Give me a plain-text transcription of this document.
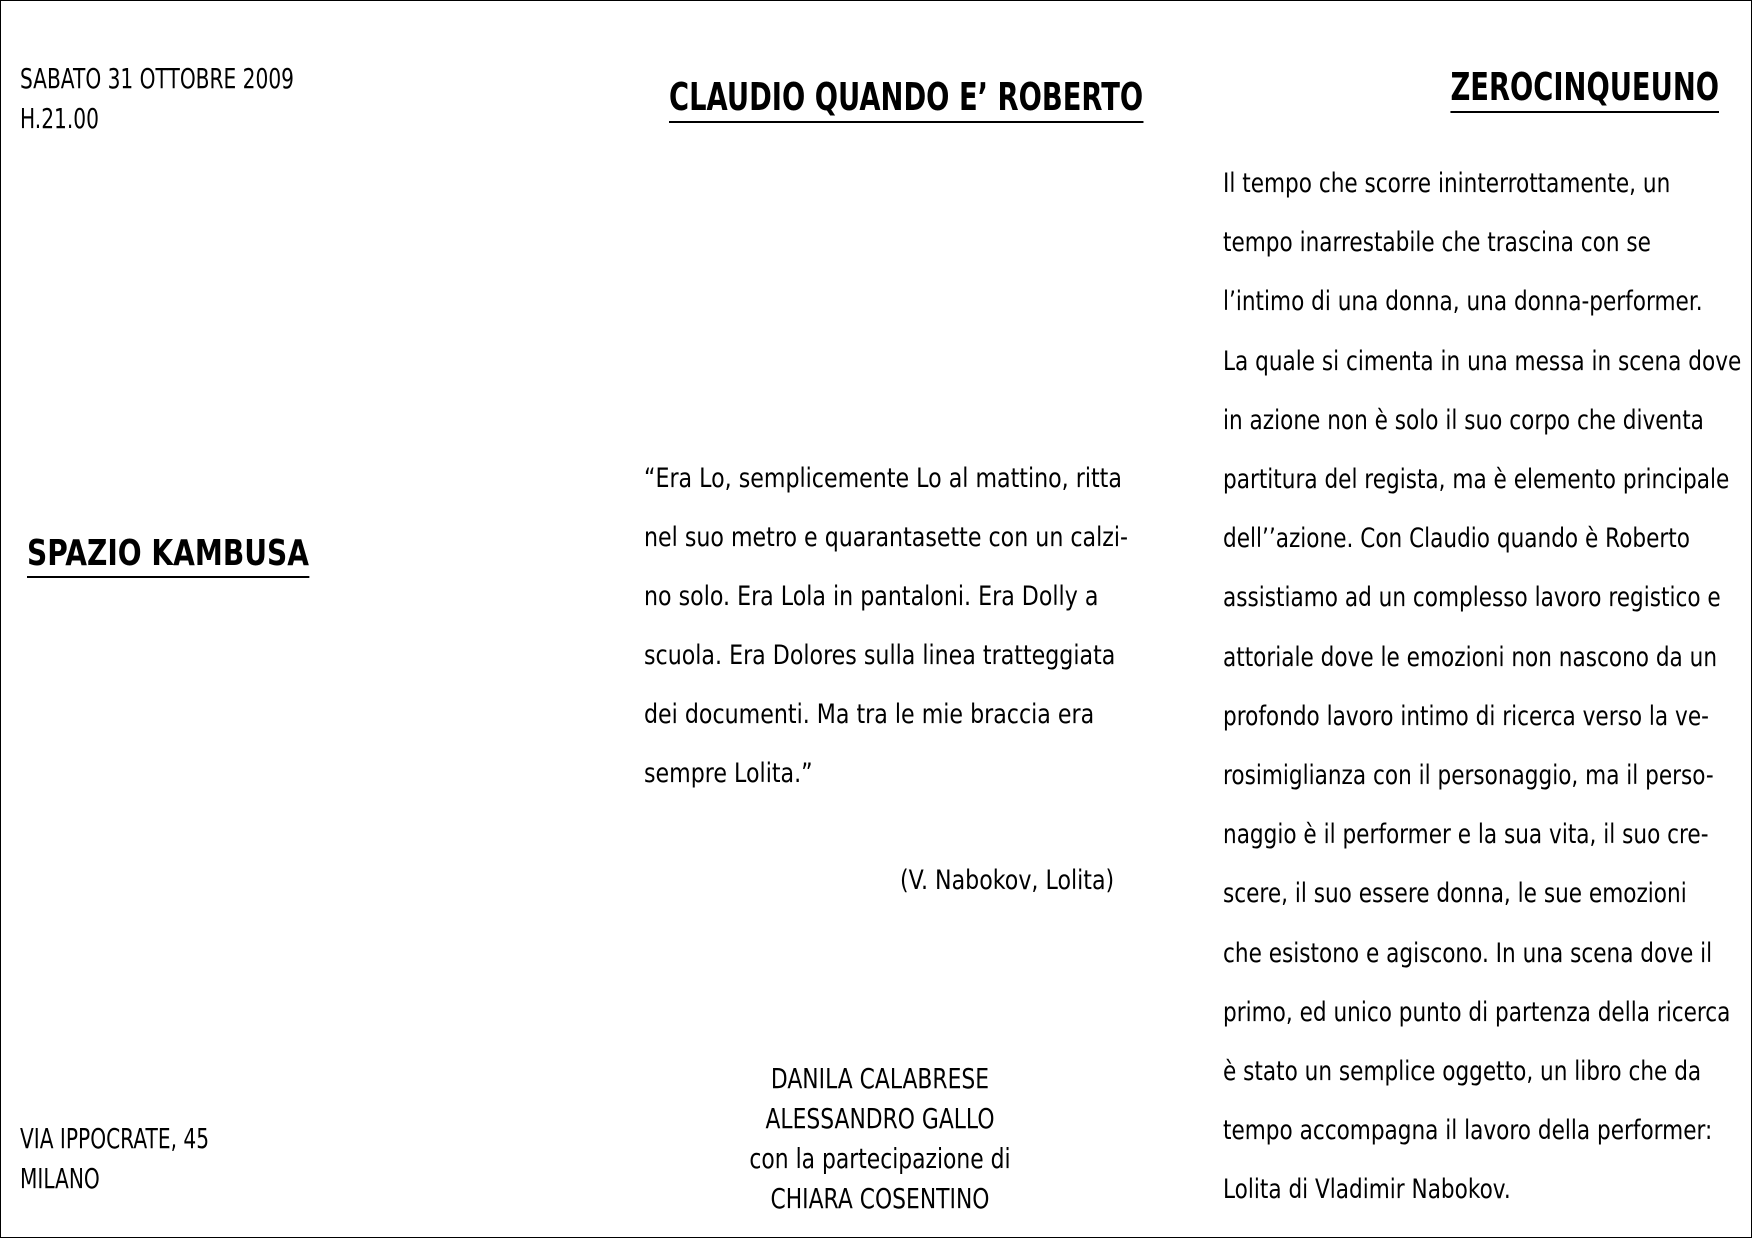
SABATO 31 OTTOBRE 2009
H.21.00
SPAZIO KAMBUSA
VIA IPPOCRATE, 45
MILANO
CLAUDIO QUANDO E’ ROBERTO
“Era Lo, semplicemente Lo al mattino, ritta
nel suo metro e quarantasette con un calzi-
no solo. Era Lola in pantaloni. Era Dolly a
scuola. Era Dolores sulla linea tratteggiata
dei documenti. Ma tra le mie braccia era
sempre Lolita.”
(V. Nabokov, Lolita)
DANILA CALABRESE
ALESSANDRO GALLO
con la partecipazione di
CHIARA COSENTINO
ZEROCINQUEUNO
Il tempo che scorre ininterrottamente, un
tempo inarrestabile che trascina con se
l’intimo di una donna, una donna-performer.
La quale si cimenta in una messa in scena dove
in azione non è solo il suo corpo che diventa
partitura del regista, ma è elemento principale
dell’’azione. Con Claudio quando è Roberto
assistiamo ad un complesso lavoro registico e
attoriale dove le emozioni non nascono da un
profondo lavoro intimo di ricerca verso la ve-
rosimiglianza con il personaggio, ma il perso-
naggio è il performer e la sua vita, il suo cre-
scere, il suo essere donna, le sue emozioni
che esistono e agiscono. In una scena dove il
primo, ed unico punto di partenza della ricerca
è stato un semplice oggetto, un libro che da
tempo accompagna il lavoro della performer:
Lolita di Vladimir Nabokov.
